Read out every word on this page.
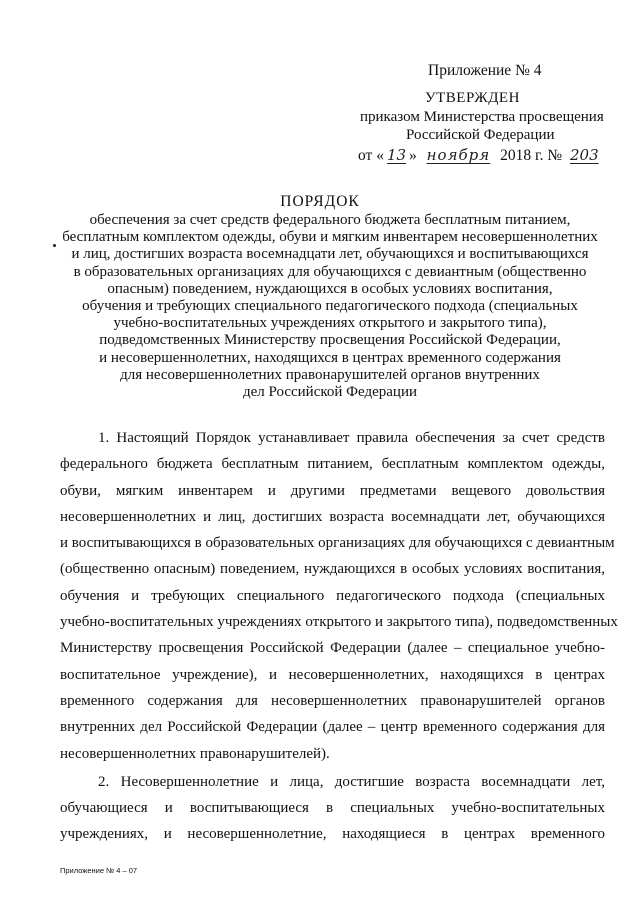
Приложение № 4
УТВЕРЖДЕН
приказом Министерства просвещения
Российской Федерации
от « 13 » ноября 2018 г. № 203
ПОРЯДОК
обеспечения за счет средств федерального бюджета бесплатным питанием,
бесплатным комплектом одежды, обуви и мягким инвентарем несовершеннолетних
и лиц, достигших возраста восемнадцати лет, обучающихся и воспитывающихся
в образовательных организациях для обучающихся с девиантным (общественно
опасным) поведением, нуждающихся в особых условиях воспитания,
обучения и требующих специального педагогического подхода (специальных
учебно-воспитательных учреждениях открытого и закрытого типа),
подведомственных Министерству просвещения Российской Федерации,
и несовершеннолетних, находящихся в центрах временного содержания
для несовершеннолетних правонарушителей органов внутренних
дел Российской Федерации
1. Настоящий Порядок устанавливает правила обеспечения за счет средств
федерального бюджета бесплатным питанием, бесплатным комплектом одежды,
обуви, мягким инвентарем и другими предметами вещевого довольствия
несовершеннолетних и лиц, достигших возраста восемнадцати лет, обучающихся
и воспитывающихся в образовательных организациях для обучающихся с девиантным
(общественно опасным) поведением, нуждающихся в особых условиях воспитания,
обучения и требующих специального педагогического подхода (специальных
учебно-воспитательных учреждениях открытого и закрытого типа), подведомственных
Министерству просвещения Российской Федерации (далее – специальное учебно-
воспитательное учреждение), и несовершеннолетних, находящихся в центрах
временного содержания для несовершеннолетних правонарушителей органов
внутренних дел Российской Федерации (далее – центр временного содержания для
несовершеннолетних правонарушителей).
2. Несовершеннолетние и лица, достигшие возраста восемнадцати лет,
обучающиеся и воспитывающиеся в специальных учебно-воспитательных
учреждениях, и несовершеннолетние, находящиеся в центрах временного
Приложение № 4 – 07
